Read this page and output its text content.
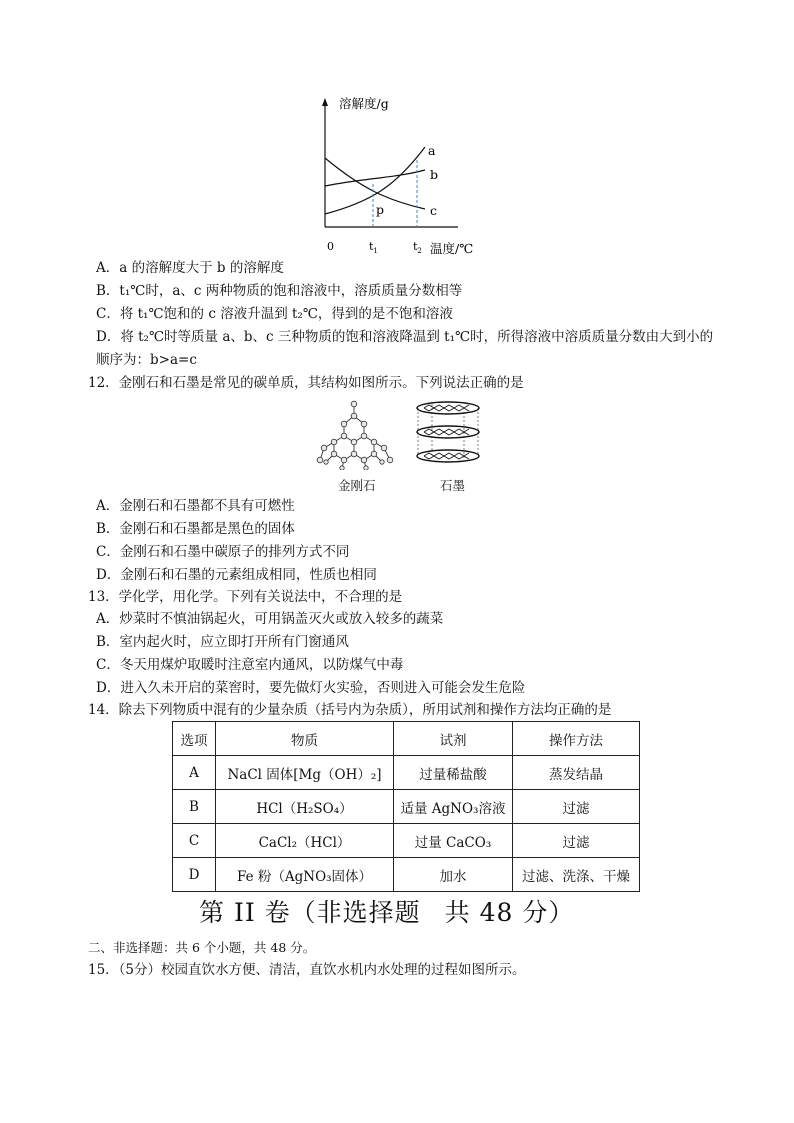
溶解度/g
温度/℃
0	$t_1$	$t_2$
a
b
c
p
A．a 的溶解度大于 b 的溶解度
B．t₁℃时，a、c 两种物质的饱和溶液中，溶质质量分数相等
C．将 t₁℃饱和的 c 溶液升温到 t₂℃，得到的是不饱和溶液
D．将 t₂℃时等质量 a、b、c 三种物质的饱和溶液降温到 t₁℃时，所得溶液中溶质质量分数由大到小的
顺序为：b>a=c
12．金刚石和石墨是常见的碳单质，其结构如图所示。下列说法正确的是
金刚石	石墨
A．金刚石和石墨都不具有可燃性
B．金刚石和石墨都是黑色的固体
C．金刚石和石墨中碳原子的排列方式不同
D．金刚石和石墨的元素组成相同，性质也相同
13．学化学，用化学。下列有关说法中，不合理的是
A．炒菜时不慎油锅起火，可用锅盖灭火或放入较多的蔬菜
B．室内起火时，应立即打开所有门窗通风
C．冬天用煤炉取暖时注意室内通风，以防煤气中毒
D．进入久未开启的菜窖时，要先做灯火实验，否则进入可能会发生危险
14．除去下列物质中混有的少量杂质（括号内为杂质），所用试剂和操作方法均正确的是
选项	物质	试剂	操作方法
A	NaCl 固体[Mg（OH）₂]	过量稀盐酸	蒸发结晶
B	HCl（H₂SO₄）	适量 AgNO₃溶液	过滤
C	CaCl₂（HCl）	过量 CaCO₃	过滤
D	Fe 粉（AgNO₃固体）	加水	过滤、洗涤、干燥
第 II 卷（非选择题 共 48 分）
二、非选择题：共 6 个小题，共 48 分。
15．（5分）校园直饮水方便、清洁，直饮水机内水处理的过程如图所示。
